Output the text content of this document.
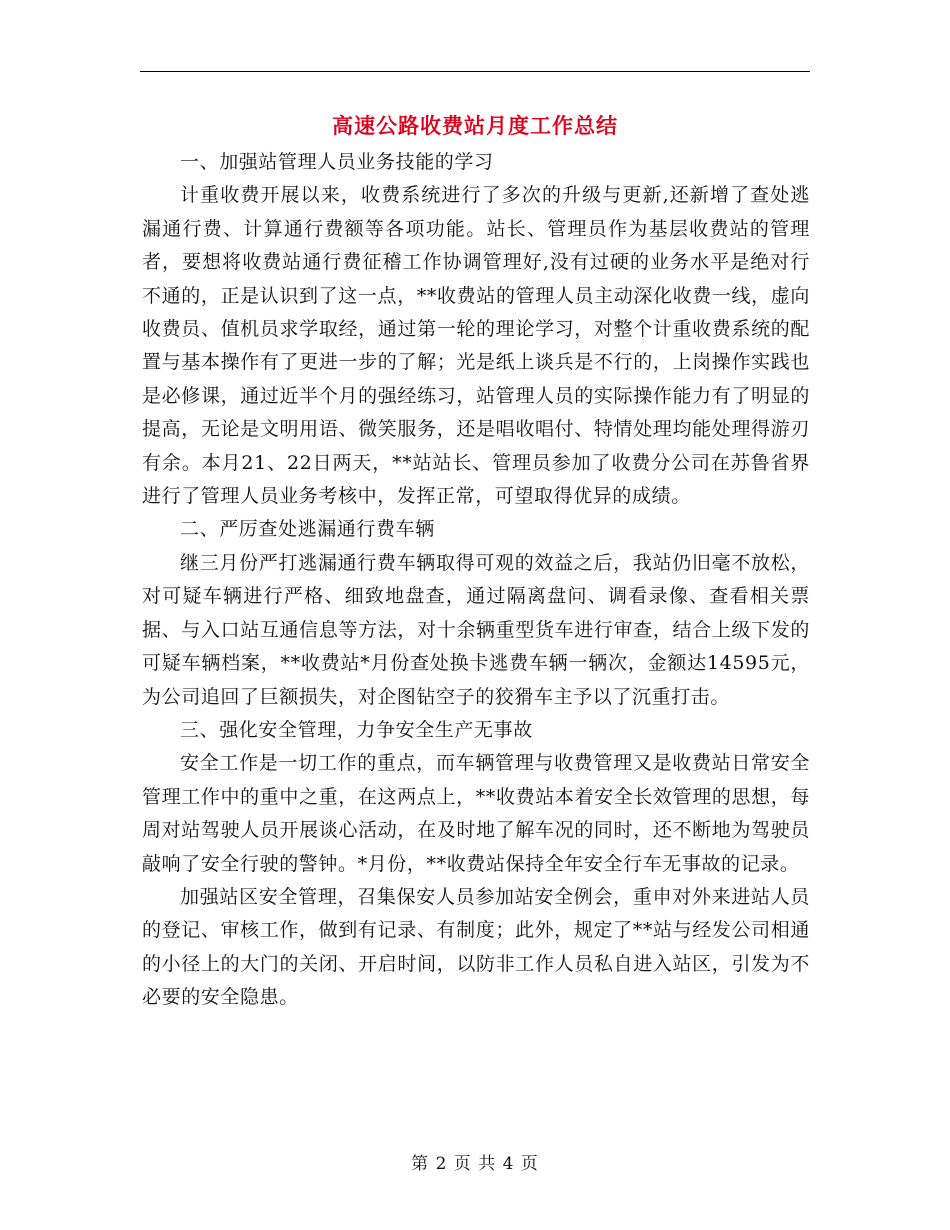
高速公路收费站月度工作总结

一、加强站管理人员业务技能的学习

计重收费开展以来，收费系统进行了多次的升级与更新,还新增了查处逃漏通行费、计算通行费额等各项功能。站长、管理员作为基层收费站的管理者，要想将收费站通行费征稽工作协调管理好,没有过硬的业务水平是绝对行不通的，正是认识到了这一点，**收费站的管理人员主动深化收费一线，虚向收费员、值机员求学取经，通过第一轮的理论学习，对整个计重收费系统的配置与基本操作有了更进一步的了解；光是纸上谈兵是不行的，上岗操作实践也是必修课，通过近半个月的强经练习，站管理人员的实际操作能力有了明显的提高，无论是文明用语、微笑服务，还是唱收唱付、特情处理均能处理得游刃有余。本月21、22日两天，**站站长、管理员参加了收费分公司在苏鲁省界进行了管理人员业务考核中，发挥正常，可望取得优异的成绩。

二、严厉查处逃漏通行费车辆

继三月份严打逃漏通行费车辆取得可观的效益之后，我站仍旧毫不放松，对可疑车辆进行严格、细致地盘查，通过隔离盘问、调看录像、查看相关票据、与入口站互通信息等方法，对十余辆重型货车进行审查，结合上级下发的可疑车辆档案，**收费站*月份查处换卡逃费车辆一辆次，金额达14595元，为公司追回了巨额损失，对企图钻空子的狡猾车主予以了沉重打击。

三、强化安全管理，力争安全生产无事故

安全工作是一切工作的重点，而车辆管理与收费管理又是收费站日常安全管理工作中的重中之重，在这两点上，**收费站本着安全长效管理的思想，每周对站驾驶人员开展谈心活动，在及时地了解车况的同时，还不断地为驾驶员敲响了安全行驶的警钟。*月份，**收费站保持全年安全行车无事故的记录。

加强站区安全管理，召集保安人员参加站安全例会，重申对外来进站人员的登记、审核工作，做到有记录、有制度；此外，规定了**站与经发公司相通的小径上的大门的关闭、开启时间，以防非工作人员私自进入站区，引发为不必要的安全隐患。

第 2 页 共 4 页
